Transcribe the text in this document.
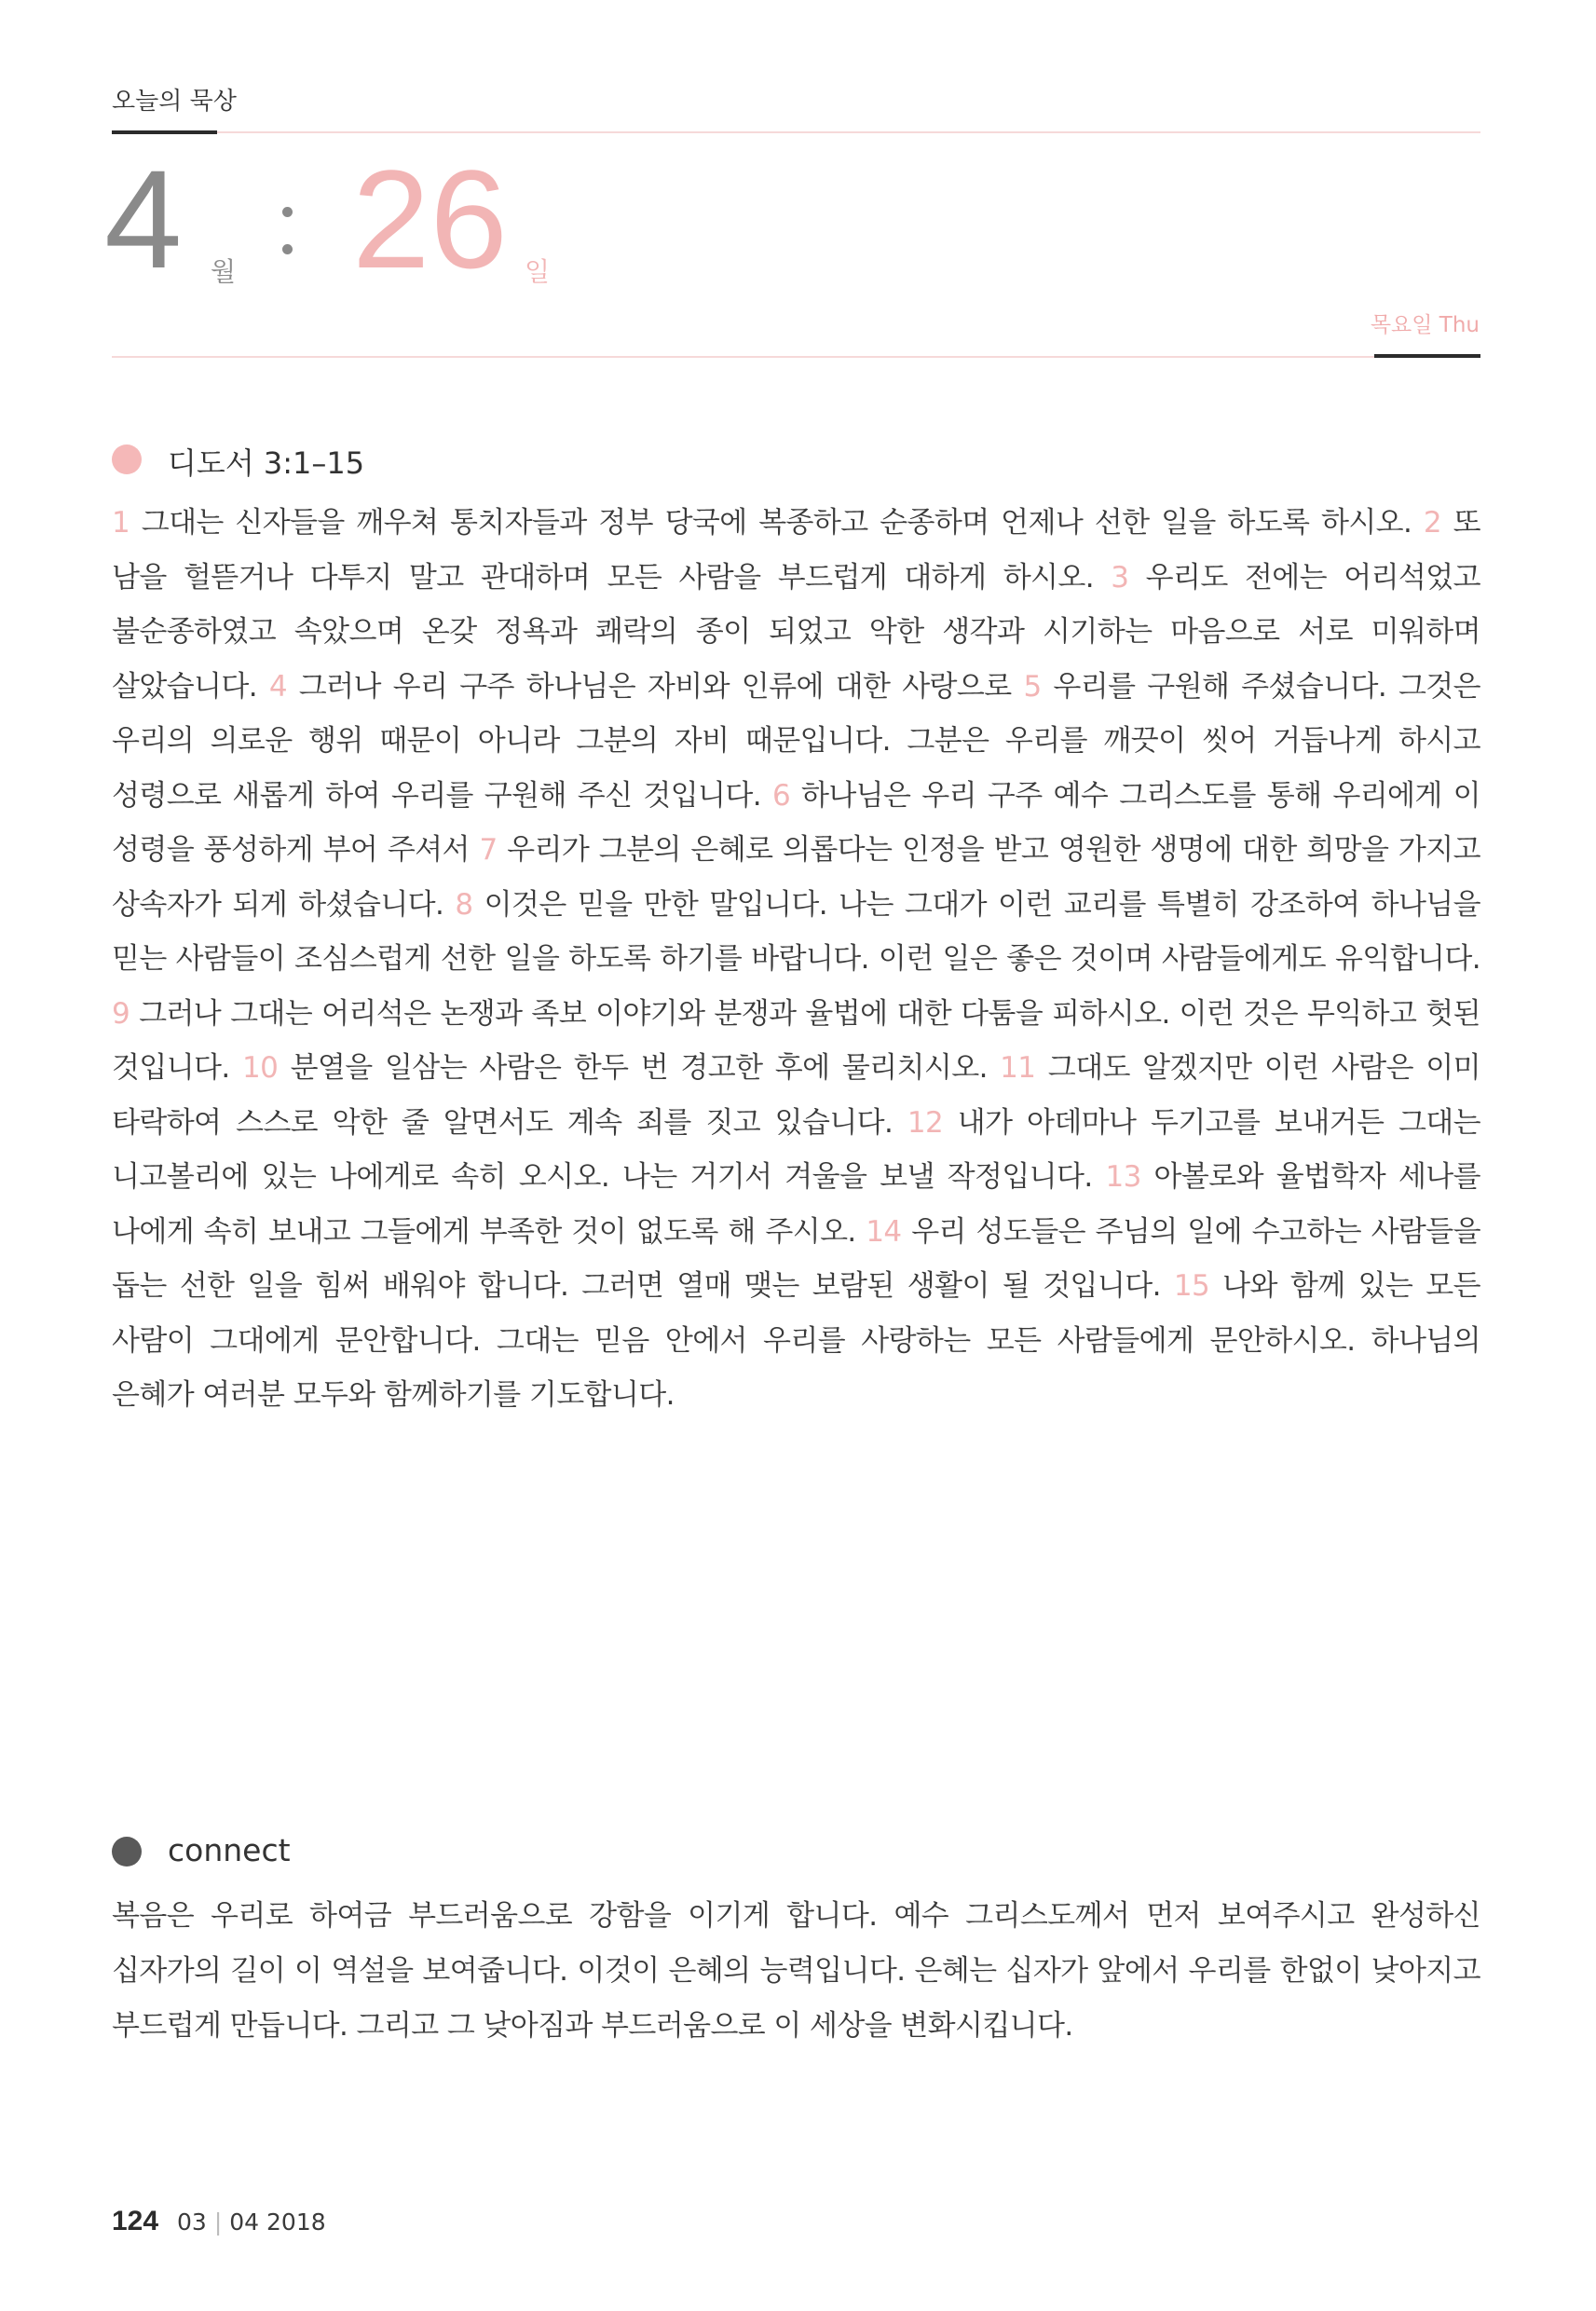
오늘의 묵상
4 월 26 일
목요일 Thu
디도서 3:1–15
1 그대는 신자들을 깨우쳐 통치자들과 정부 당국에 복종하고 순종하며 언제나 선한 일을 하도록 하시오. 2 또 남을 헐뜯거나 다투지 말고 관대하며 모든 사람을 부드럽게 대하게 하시오. 3 우리도 전에는 어리석었고 불순종하였고 속았으며 온갖 정욕과 쾌락의 종이 되었고 악한 생각과 시기하는 마음으로 서로 미워하며 살았습니다. 4 그러나 우리 구주 하나님은 자비와 인류에 대한 사랑으로 5 우리를 구원해 주셨습니다. 그것은 우리의 의로운 행위 때문이 아니라 그분의 자비 때문입니다. 그분은 우리를 깨끗이 씻어 거듭나게 하시고 성령으로 새롭게 하여 우리를 구원해 주신 것입니다. 6 하나님은 우리 구주 예수 그리스도를 통해 우리에게 이 성령을 풍성하게 부어 주셔서 7 우리가 그분의 은혜로 의롭다는 인정을 받고 영원한 생명에 대한 희망을 가지고 상속자가 되게 하셨습니다. 8 이것은 믿을 만한 말입니다. 나는 그대가 이런 교리를 특별히 강조하여 하나님을 믿는 사람들이 조심스럽게 선한 일을 하도록 하기를 바랍니다. 이런 일은 좋은 것이며 사람들에게도 유익합니다. 9 그러나 그대는 어리석은 논쟁과 족보 이야기와 분쟁과 율법에 대한 다툼을 피하시오. 이런 것은 무익하고 헛된 것입니다. 10 분열을 일삼는 사람은 한두 번 경고한 후에 물리치시오. 11 그대도 알겠지만 이런 사람은 이미 타락하여 스스로 악한 줄 알면서도 계속 죄를 짓고 있습니다. 12 내가 아데마나 두기고를 보내거든 그대는 니고볼리에 있는 나에게로 속히 오시오. 나는 거기서 겨울을 보낼 작정입니다. 13 아볼로와 율법학자 세나를 나에게 속히 보내고 그들에게 부족한 것이 없도록 해 주시오. 14 우리 성도들은 주님의 일에 수고하는 사람들을 돕는 선한 일을 힘써 배워야 합니다. 그러면 열매 맺는 보람된 생활이 될 것입니다. 15 나와 함께 있는 모든 사람이 그대에게 문안합니다. 그대는 믿음 안에서 우리를 사랑하는 모든 사람들에게 문안하시오. 하나님의 은혜가 여러분 모두와 함께하기를 기도합니다.
connect
복음은 우리로 하여금 부드러움으로 강함을 이기게 합니다. 예수 그리스도께서 먼저 보여주시고 완성하신 십자가의 길이 이 역설을 보여줍니다. 이것이 은혜의 능력입니다. 은혜는 십자가 앞에서 우리를 한없이 낮아지고 부드럽게 만듭니다. 그리고 그 낮아짐과 부드러움으로 이 세상을 변화시킵니다.
124 03 | 04 2018
